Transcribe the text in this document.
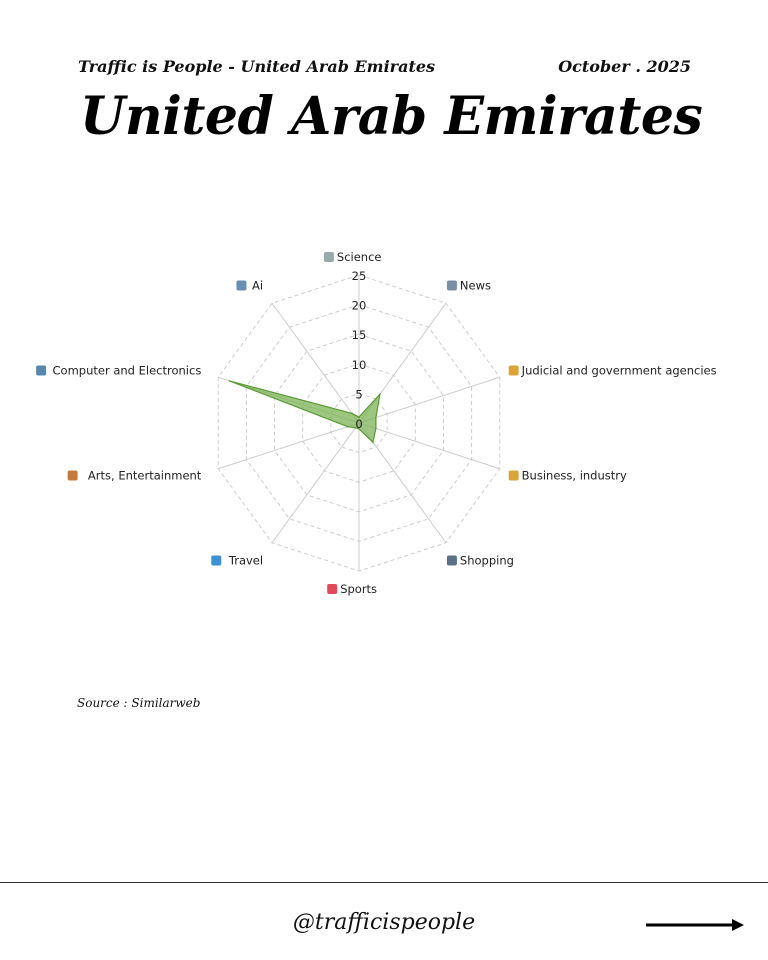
Traffic is People - United Arab Emirates	October . 2025
United Arab Emirates
0
5
10
15
20
25
Science
News
Judicial and government agencies
Business, industry
Shopping
Sports
Travel
Arts, Entertainment
Computer and Electronics
Ai
Source : Similarweb
@trafficispeople
